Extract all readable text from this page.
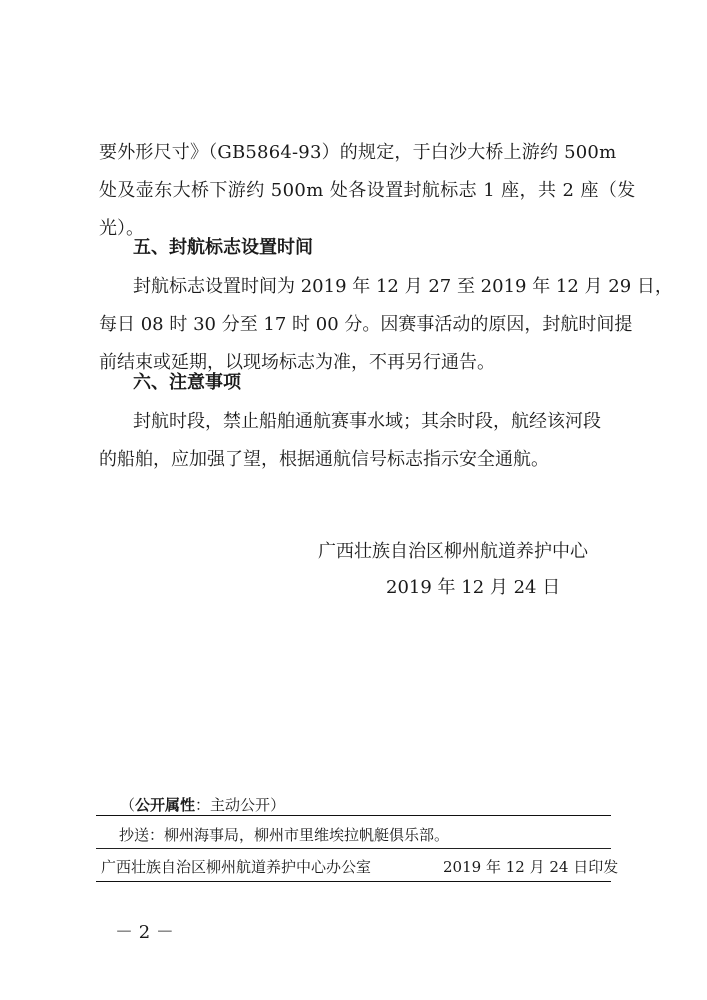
要外形尺寸》（GB5864-93）的规定，于白沙大桥上游约 500m
处及壶东大桥下游约 500m 处各设置封航标志 1 座，共 2 座（发
光）。

五、封航标志设置时间

封航标志设置时间为 2019 年 12 月 27 至 2019 年 12 月 29 日，
每日 08 时 30 分至 17 时 00 分。因赛事活动的原因，封航时间提
前结束或延期，以现场标志为准，不再另行通告。

六、注意事项

封航时段，禁止船舶通航赛事水域；其余时段，航经该河段
的船舶，应加强了望，根据通航信号标志指示安全通航。

广西壮族自治区柳州航道养护中心
2019 年 12 月 24 日
（公开属性：主动公开）
抄送：柳州海事局，柳州市里维埃拉帆艇俱乐部。
广西壮族自治区柳州航道养护中心办公室	2019 年 12 月 24 日印发
－ 2 －
